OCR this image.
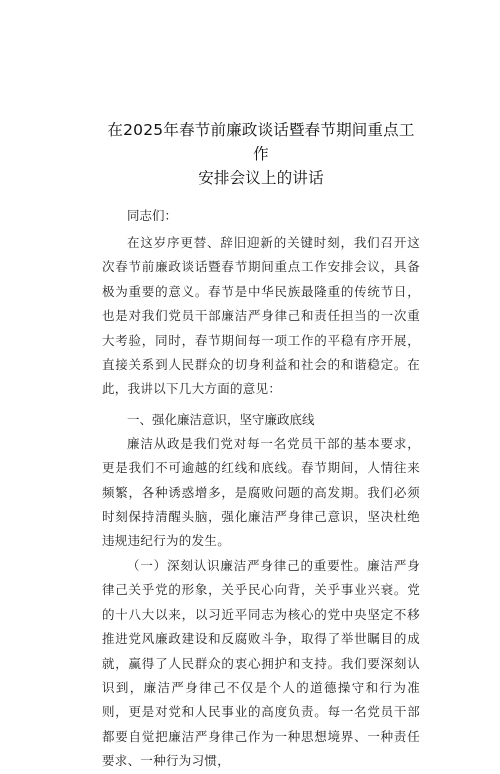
在2025年春节前廉政谈话暨春节期间重点工作
安排会议上的讲话
同志们：

在这岁序更替、辞旧迎新的关键时刻，我们召开这次春节前廉政谈话暨春节期间重点工作安排会议，具备极为重要的意义。春节是中华民族最隆重的传统节日，也是对我们党员干部廉洁严身律己和责任担当的一次重大考验，同时，春节期间每一项工作的平稳有序开展，直接关系到人民群众的切身利益和社会的和谐稳定。在此，我讲以下几大方面的意见：

一、强化廉洁意识，坚守廉政底线

廉洁从政是我们党对每一名党员干部的基本要求，更是我们不可逾越的红线和底线。春节期间，人情往来频繁，各种诱惑增多，是腐败问题的高发期。我们必须时刻保持清醒头脑，强化廉洁严身律己意识，坚决杜绝违规违纪行为的发生。

（一）深刻认识廉洁严身律己的重要性。廉洁严身律己关乎党的形象，关乎民心向背，关乎事业兴衰。党的十八大以来，以习近平同志为核心的党中央坚定不移推进党风廉政建设和反腐败斗争，取得了举世瞩目的成就，赢得了人民群众的衷心拥护和支持。我们要深刻认识到，廉洁严身律己不仅是个人的道德操守和行为准则，更是对党和人民事业的高度负责。每一名党员干部都要自觉把廉洁严身律己作为一种思想境界、一种责任要求、一种行为习惯，
